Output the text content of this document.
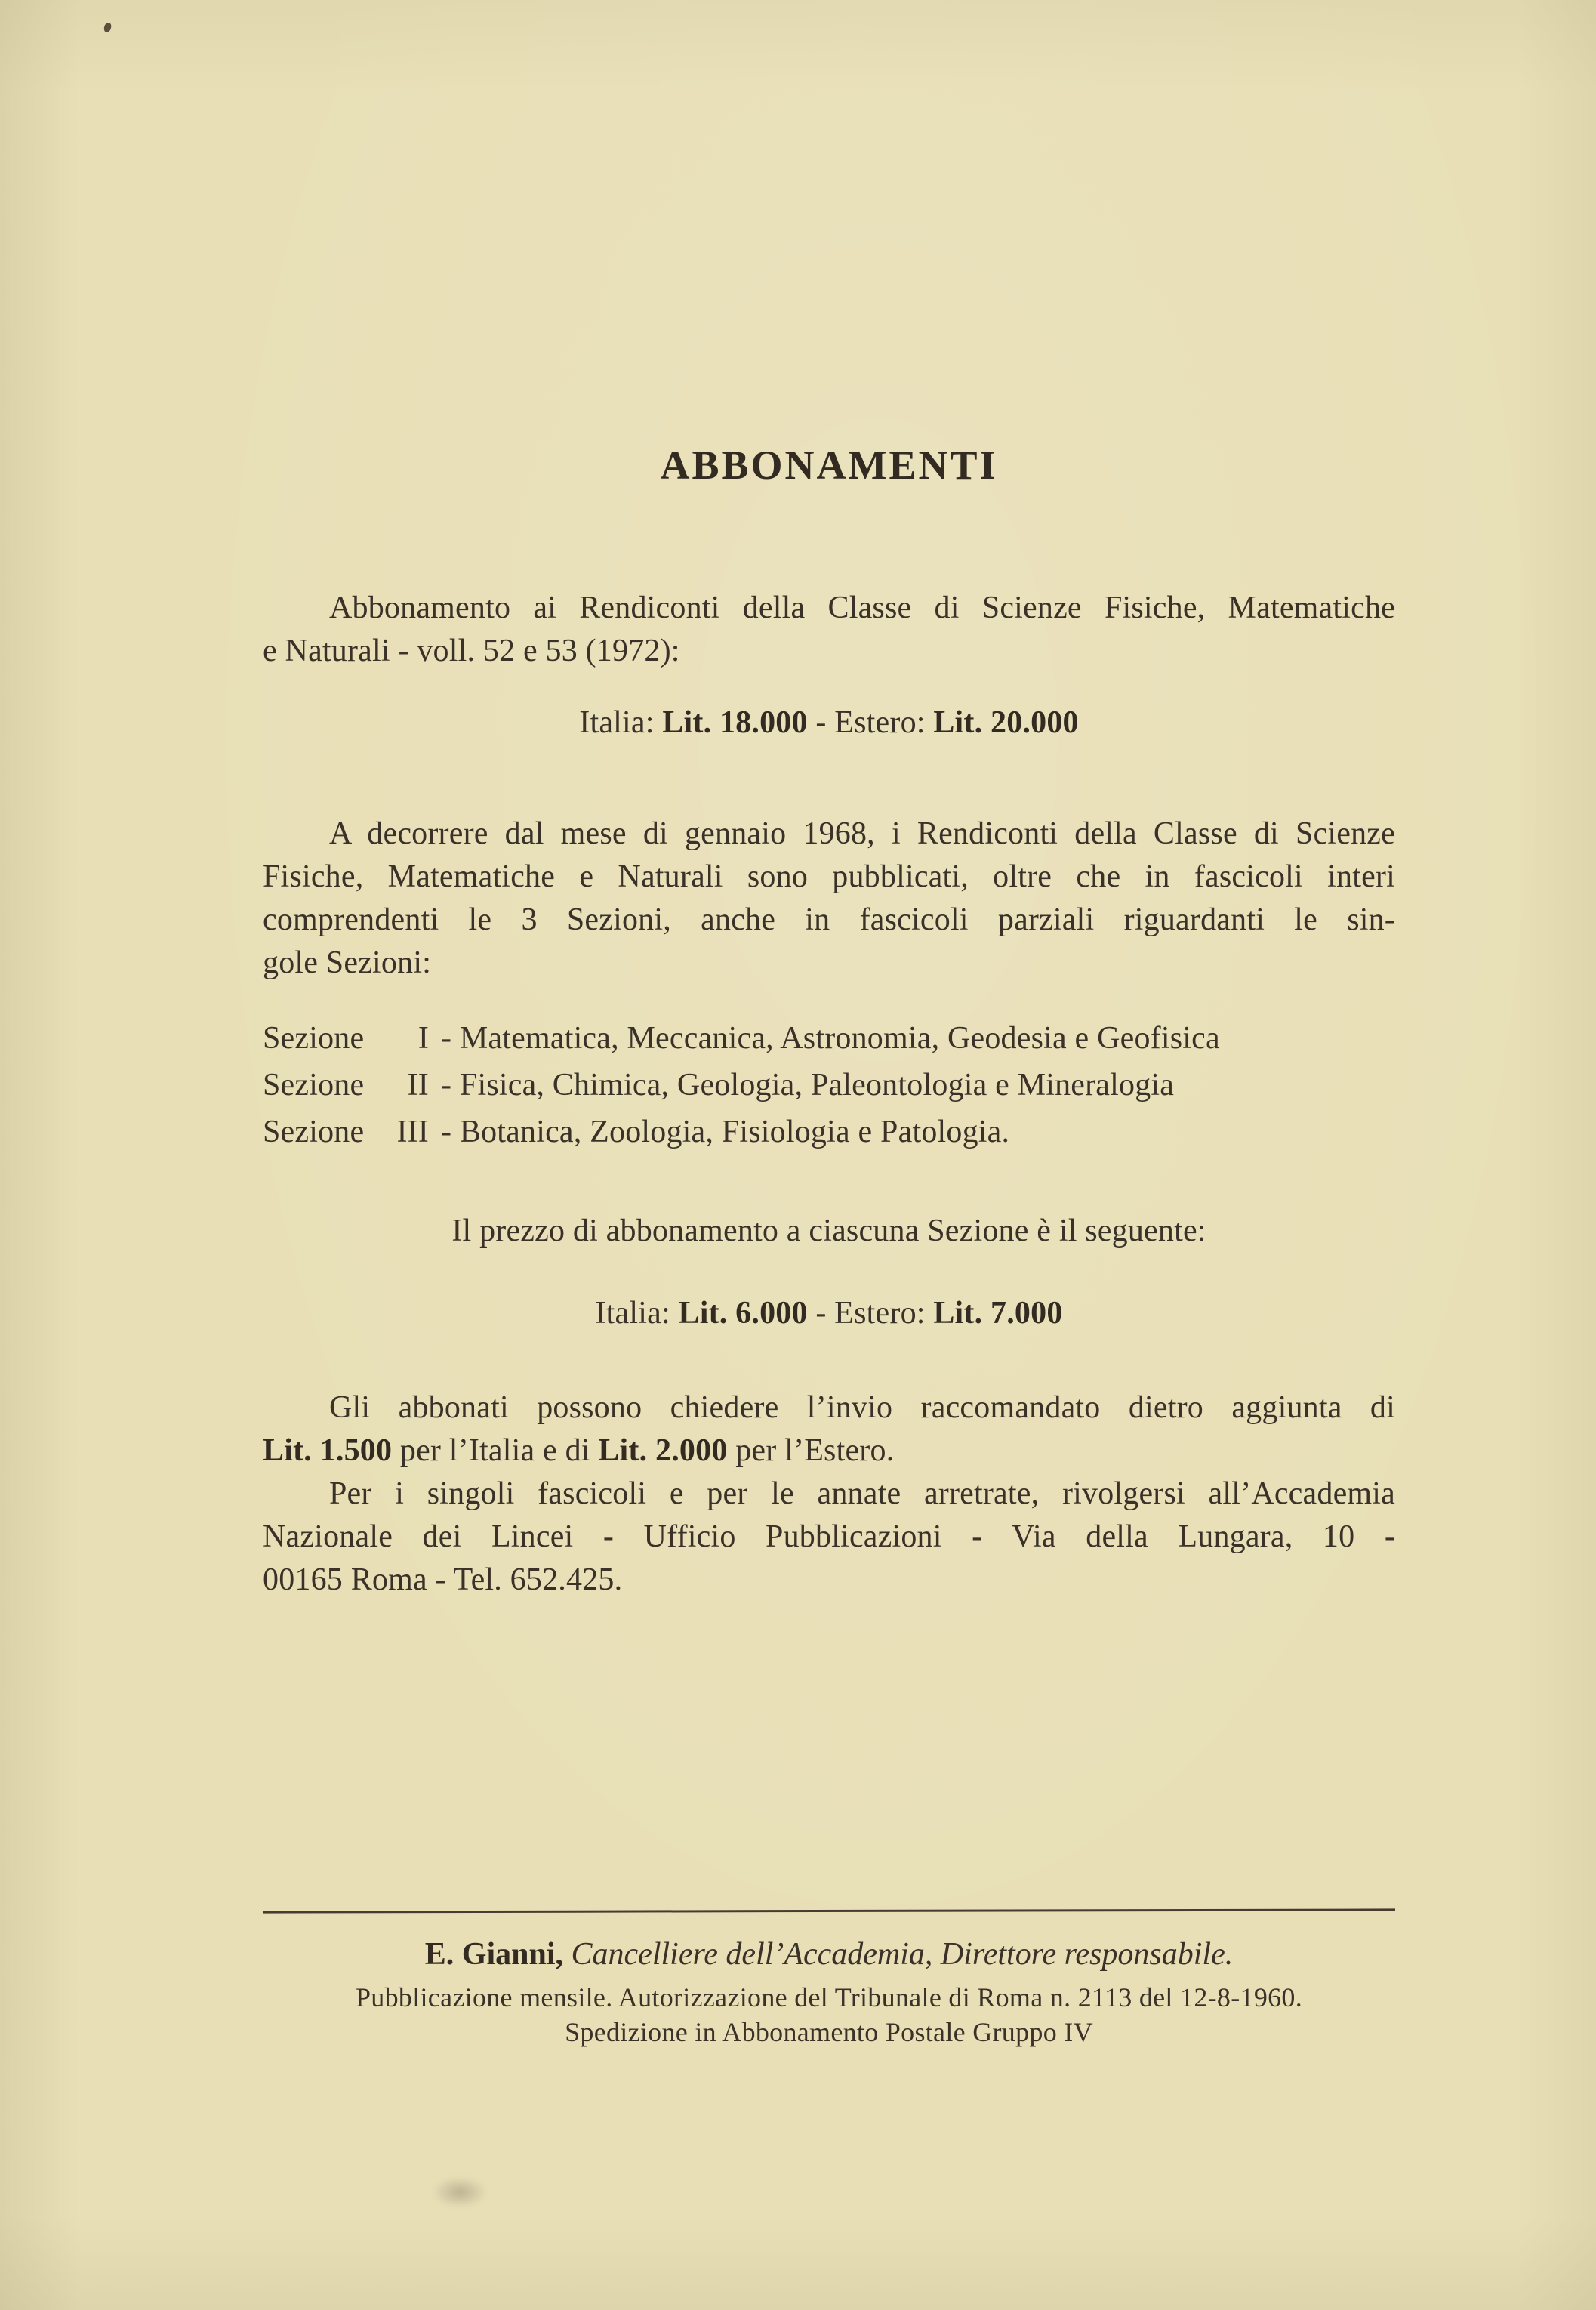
ABBONAMENTI
Abbonamento ai Rendiconti della Classe di Scienze Fisiche, Matematiche
e Naturali - voll. 52 e 53 (1972):
Italia: Lit. 18.000 - Estero: Lit. 20.000
A decorrere dal mese di gennaio 1968, i Rendiconti della Classe di Scienze
Fisiche, Matematiche e Naturali sono pubblicati, oltre che in fascicoli interi
comprendenti le 3 Sezioni, anche in fascicoli parziali riguardanti le sin-
gole Sezioni:
Sezione I - Matematica, Meccanica, Astronomia, Geodesia e Geofisica
Sezione II - Fisica, Chimica, Geologia, Paleontologia e Mineralogia
Sezione III - Botanica, Zoologia, Fisiologia e Patologia.
Il prezzo di abbonamento a ciascuna Sezione è il seguente:
Italia: Lit. 6.000 - Estero: Lit. 7.000
Gli abbonati possono chiedere l’invio raccomandato dietro aggiunta di
Lit. 1.500 per l’Italia e di Lit. 2.000 per l’Estero.
Per i singoli fascicoli e per le annate arretrate, rivolgersi all’Accademia
Nazionale dei Lincei - Ufficio Pubblicazioni - Via della Lungara, 10 -
00165 Roma - Tel. 652.425.
E. Gianni, Cancelliere dell’Accademia, Direttore responsabile.
Pubblicazione mensile. Autorizzazione del Tribunale di Roma n. 2113 del 12-8-1960.
Spedizione in Abbonamento Postale Gruppo IV
